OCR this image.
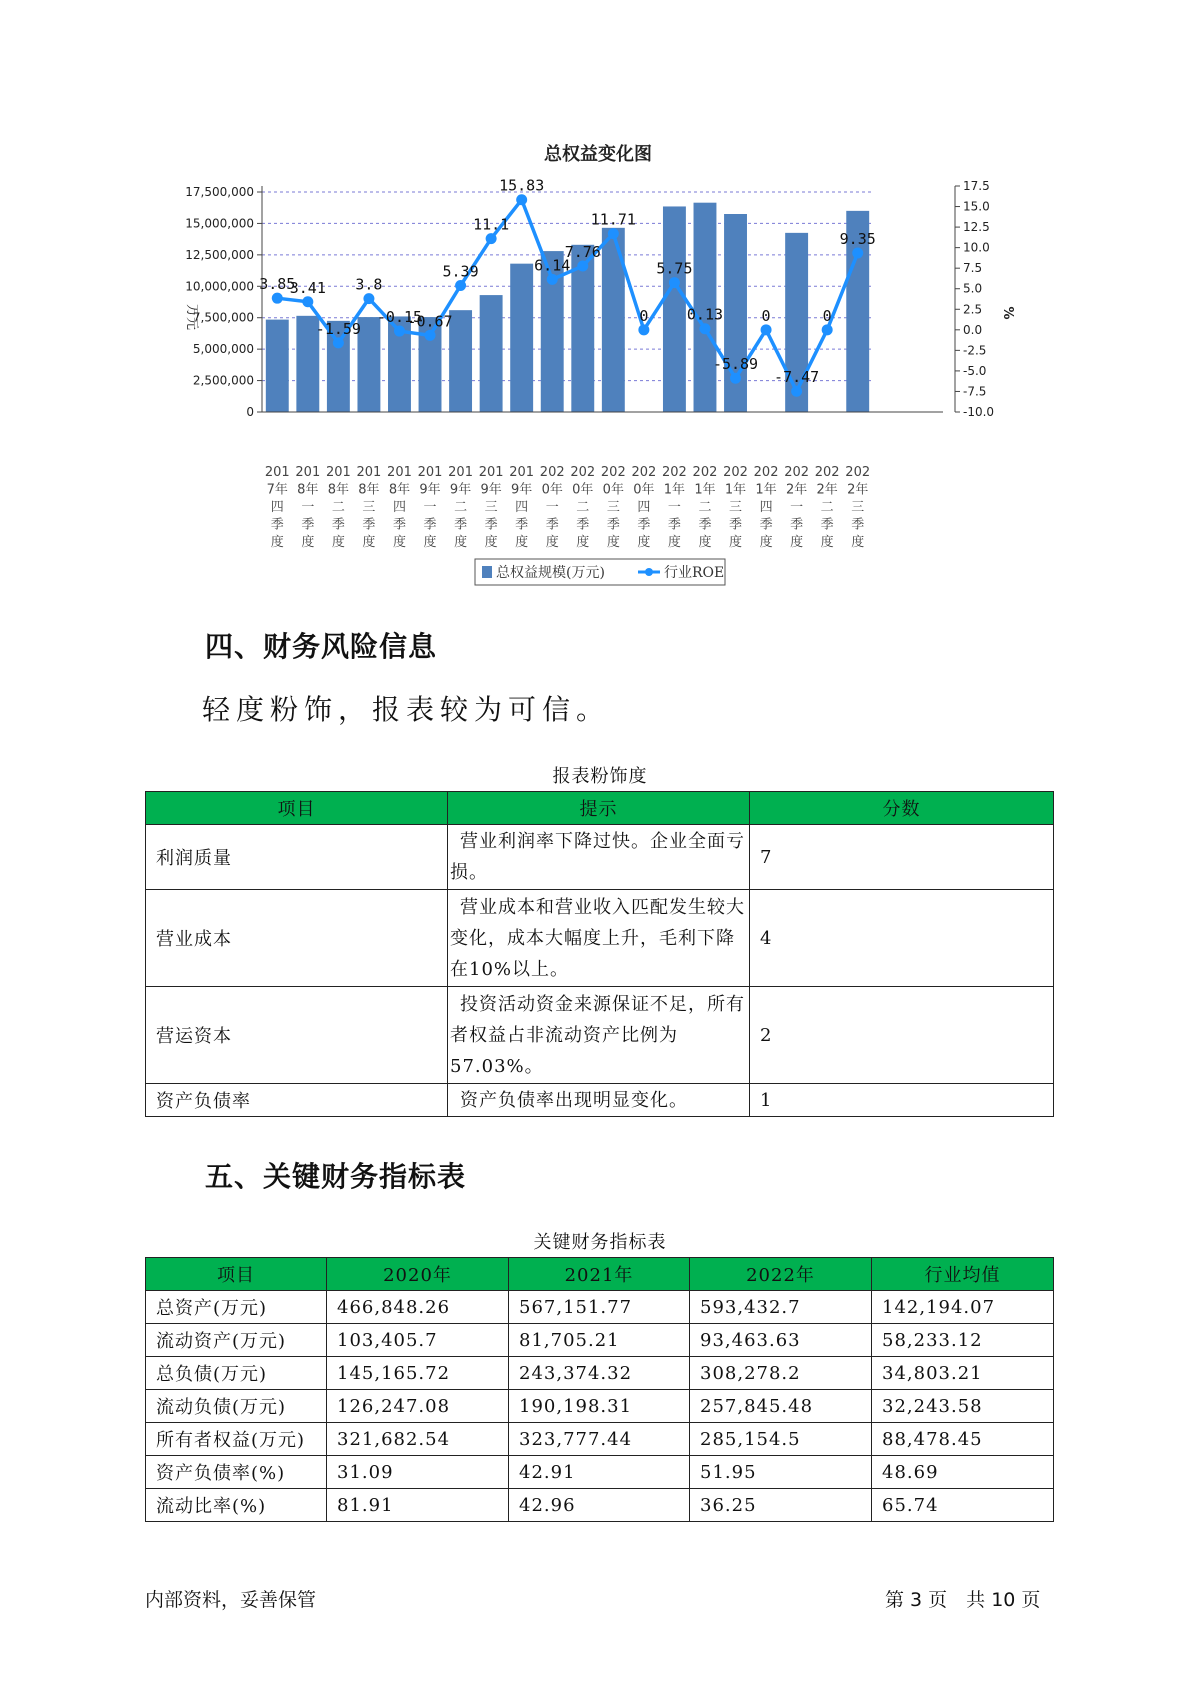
总权益变化图
万元	%
0
2,500,000
5,000,000
7,500,000
10,000,000
12,500,000
15,000,000
17,500,000
-10.0
-7.5
-5.0
-2.5
0.0
2.5
5.0
7.5
10.0
12.5
15.0
17.5
201 7年四季度
201 8年一季度
201 8年二季度
201 8年三季度
201 8年四季度
201 9年一季度
201 9年二季度
201 9年三季度
201 9年四季度
202 0年一季度
202 0年二季度
202 0年三季度
202 0年四季度
202 1年一季度
202 1年二季度
202 1年三季度
202 1年四季度
202 2年一季度
202 2年二季度
202 2年三季度
3.85
3.41
-1.59
3.8
-0.15
-0.67
5.39
11.1
15.83
6.14
7.76
11.71
0
5.75
0.13
-5.89
0
-7.47
0
9.35
总权益规模(万元)	行业ROE
四、财务风险信息
轻度粉饰，报表较为可信。
报表粉饰度
项目	提示	分数
利润质量	营业利润率下降过快。企业全面亏损。	7
营业成本	营业成本和营业收入匹配发生较大变化，成本大幅度上升，毛利下降在10%以上。	4
营运资本	投资活动资金来源保证不足，所有者权益占非流动资产比例为57.03%。	2
资产负债率	资产负债率出现明显变化。	1
五、关键财务指标表
关键财务指标表
项目	2020年	2021年	2022年	行业均值
总资产(万元)	466,848.26	567,151.77	593,432.7	142,194.07
流动资产(万元)	103,405.7	81,705.21	93,463.63	58,233.12
总负债(万元)	145,165.72	243,374.32	308,278.2	34,803.21
流动负债(万元)	126,247.08	190,198.31	257,845.48	32,243.58
所有者权益(万元)	321,682.54	323,777.44	285,154.5	88,478.45
资产负债率(%)	31.09	42.91	51.95	48.69
流动比率(%)	81.91	42.96	36.25	65.74
内部资料，妥善保管	第 3 页　共 10 页
